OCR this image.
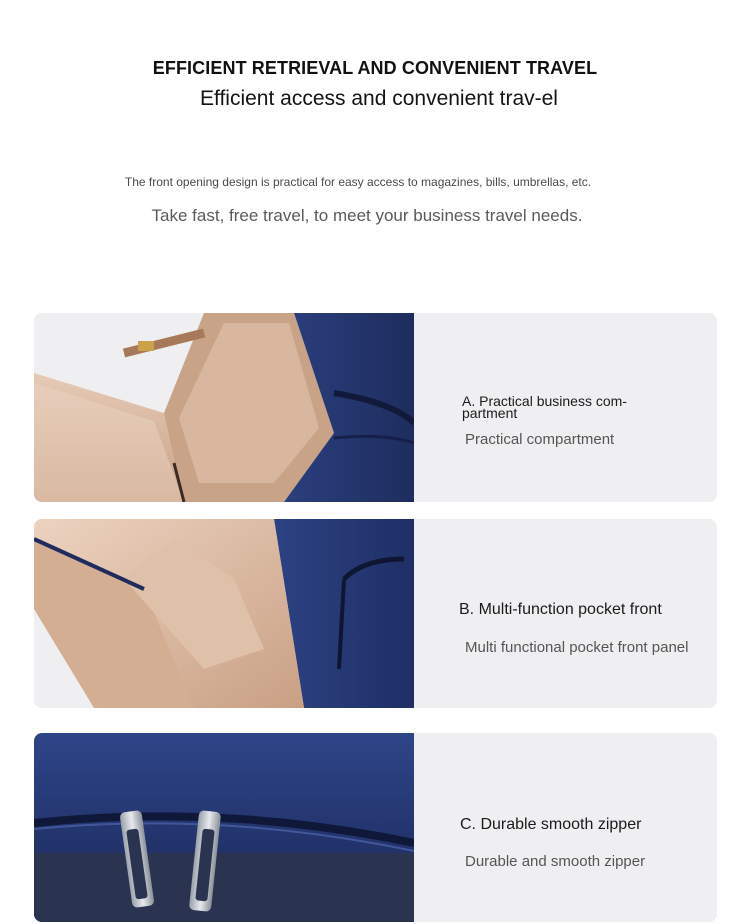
EFFICIENT RETRIEVAL AND CONVENIENT TRAVEL
Efficient access and convenient trav-el
The front opening design is practical for easy access to magazines, bills, umbrellas, etc.
Take fast, free travel, to meet your business travel needs.
A. Practical business com-partment
Practical compartment
B. Multi-function pocket front
Multi functional pocket front panel
C. Durable smooth zipper
Durable and smooth zipper
